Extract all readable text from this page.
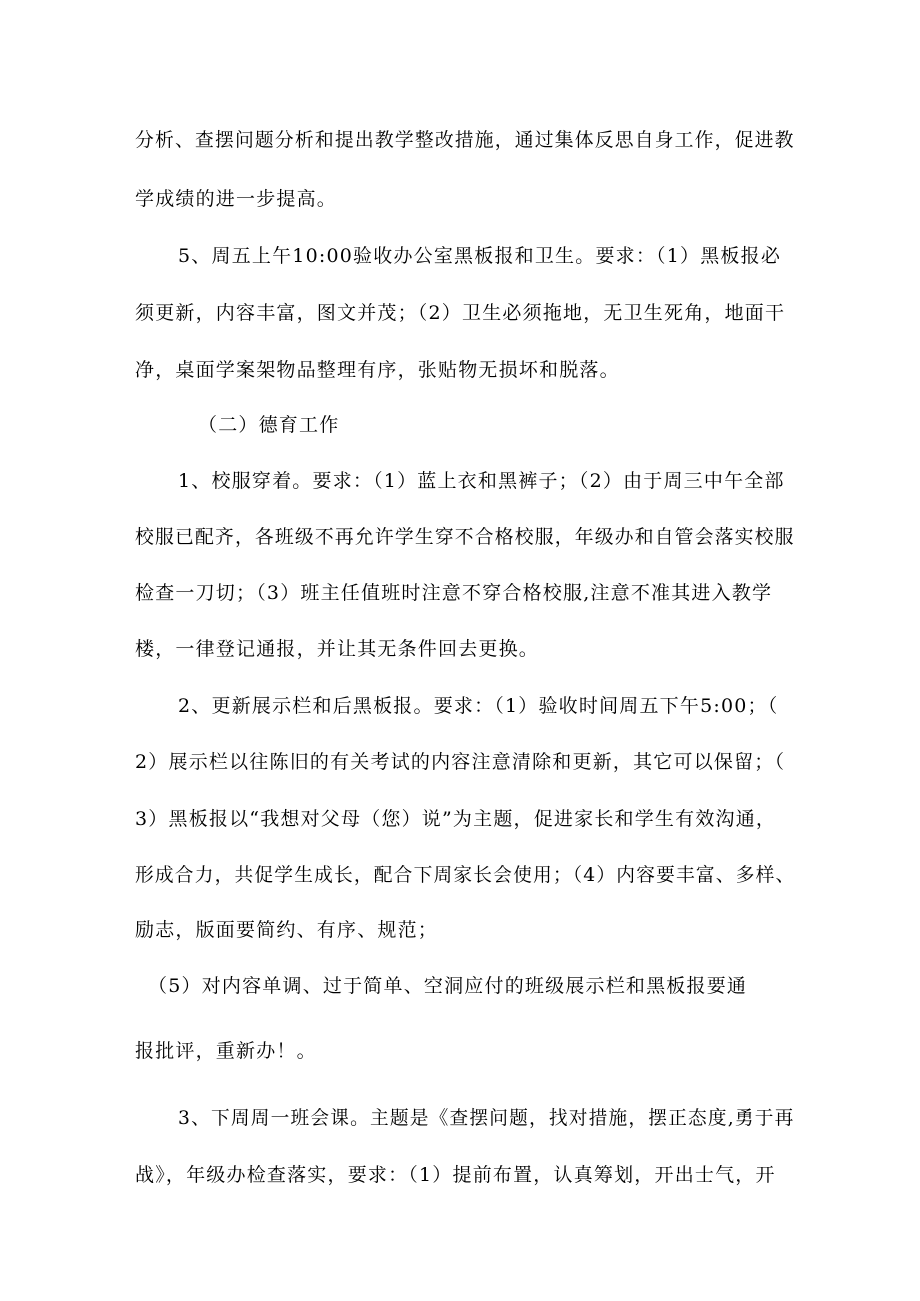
分析、查摆问题分析和提出教学整改措施，通过集体反思自身工作，促进教

学成绩的进一步提高。

5、周五上午10:00验收办公室黑板报和卫生。要求：（1）黑板报必

须更新，内容丰富，图文并茂；（2）卫生必须拖地，无卫生死角，地面干

净，桌面学案架物品整理有序，张贴物无损坏和脱落。

（二）德育工作

1、校服穿着。要求：（1）蓝上衣和黑裤子；（2）由于周三中午全部

校服已配齐，各班级不再允许学生穿不合格校服，年级办和自管会落实校服

检查一刀切；（3）班主任值班时注意不穿合格校服,注意不准其进入教学

楼，一律登记通报，并让其无条件回去更换。

2、更新展示栏和后黑板报。要求：（1）验收时间周五下午5:00；（

2）展示栏以往陈旧的有关考试的内容注意清除和更新，其它可以保留；（

3）黑板报以“我想对父母（您）说”为主题，促进家长和学生有效沟通，

形成合力，共促学生成长，配合下周家长会使用；（4）内容要丰富、多样、

励志，版面要简约、有序、规范；

（5）对内容单调、过于简单、空洞应付的班级展示栏和黑板报要通

报批评，重新办！。

3、下周周一班会课。主题是《查摆问题，找对措施，摆正态度,勇于再

战》，年级办检查落实，要求：（1）提前布置，认真筹划，开出士气，开
